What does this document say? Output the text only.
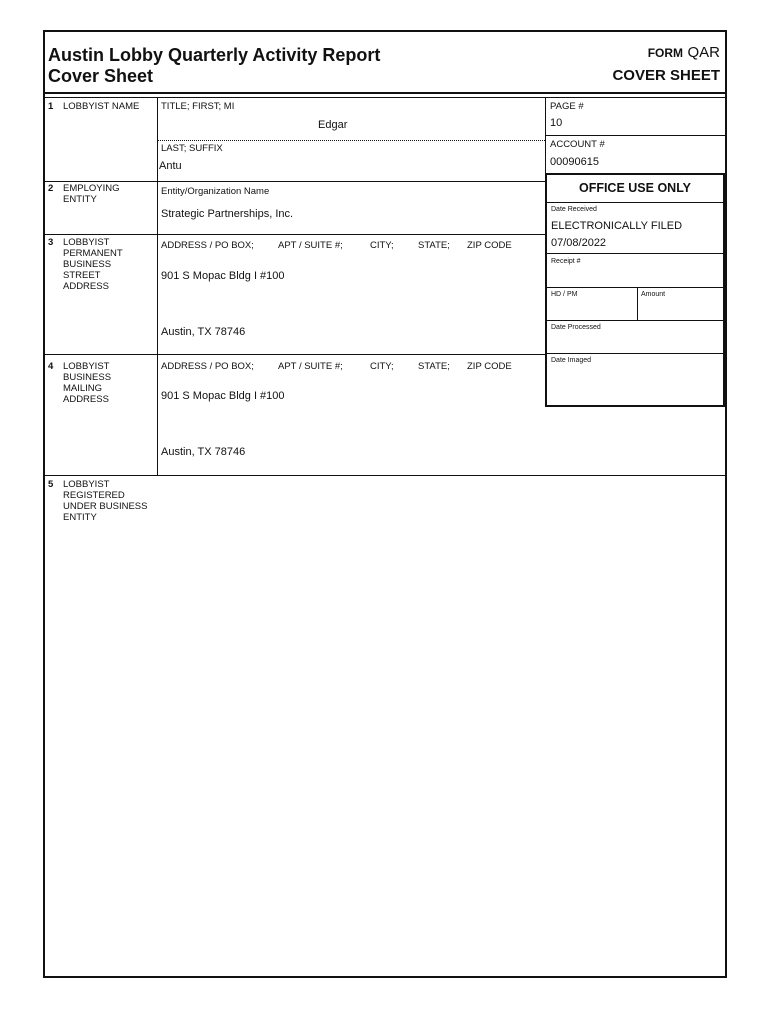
Austin Lobby Quarterly Activity Report
Cover Sheet
FORM QAR
COVER SHEET
1 LOBBYIST NAME TITLE; FIRST; MI
Edgar
LAST; SUFFIX
Antu
2 EMPLOYING
ENTITY
Entity/Organization Name
Strategic Partnerships, Inc.
3 LOBBYIST
PERMANENT
BUSINESS
STREET
ADDRESS
ADDRESS / PO BOX;	APT / SUITE #;	CITY;	STATE; ZIP CODE
901 S Mopac Bldg I #100
Austin, TX 78746
4 LOBBYIST
BUSINESS
MAILING
ADDRESS
ADDRESS / PO BOX;	APT / SUITE #;	CITY;	STATE; ZIP CODE
901 S Mopac Bldg I #100
Austin, TX 78746
5 LOBBYIST
REGISTERED
UNDER BUSINESS
ENTITY
PAGE #
10
ACCOUNT #
00090615
OFFICE USE ONLY
Date Received
ELECTRONICALLY FILED
07/08/2022
Receipt #
HD / PM	Amount
Date Processed
Date Imaged
